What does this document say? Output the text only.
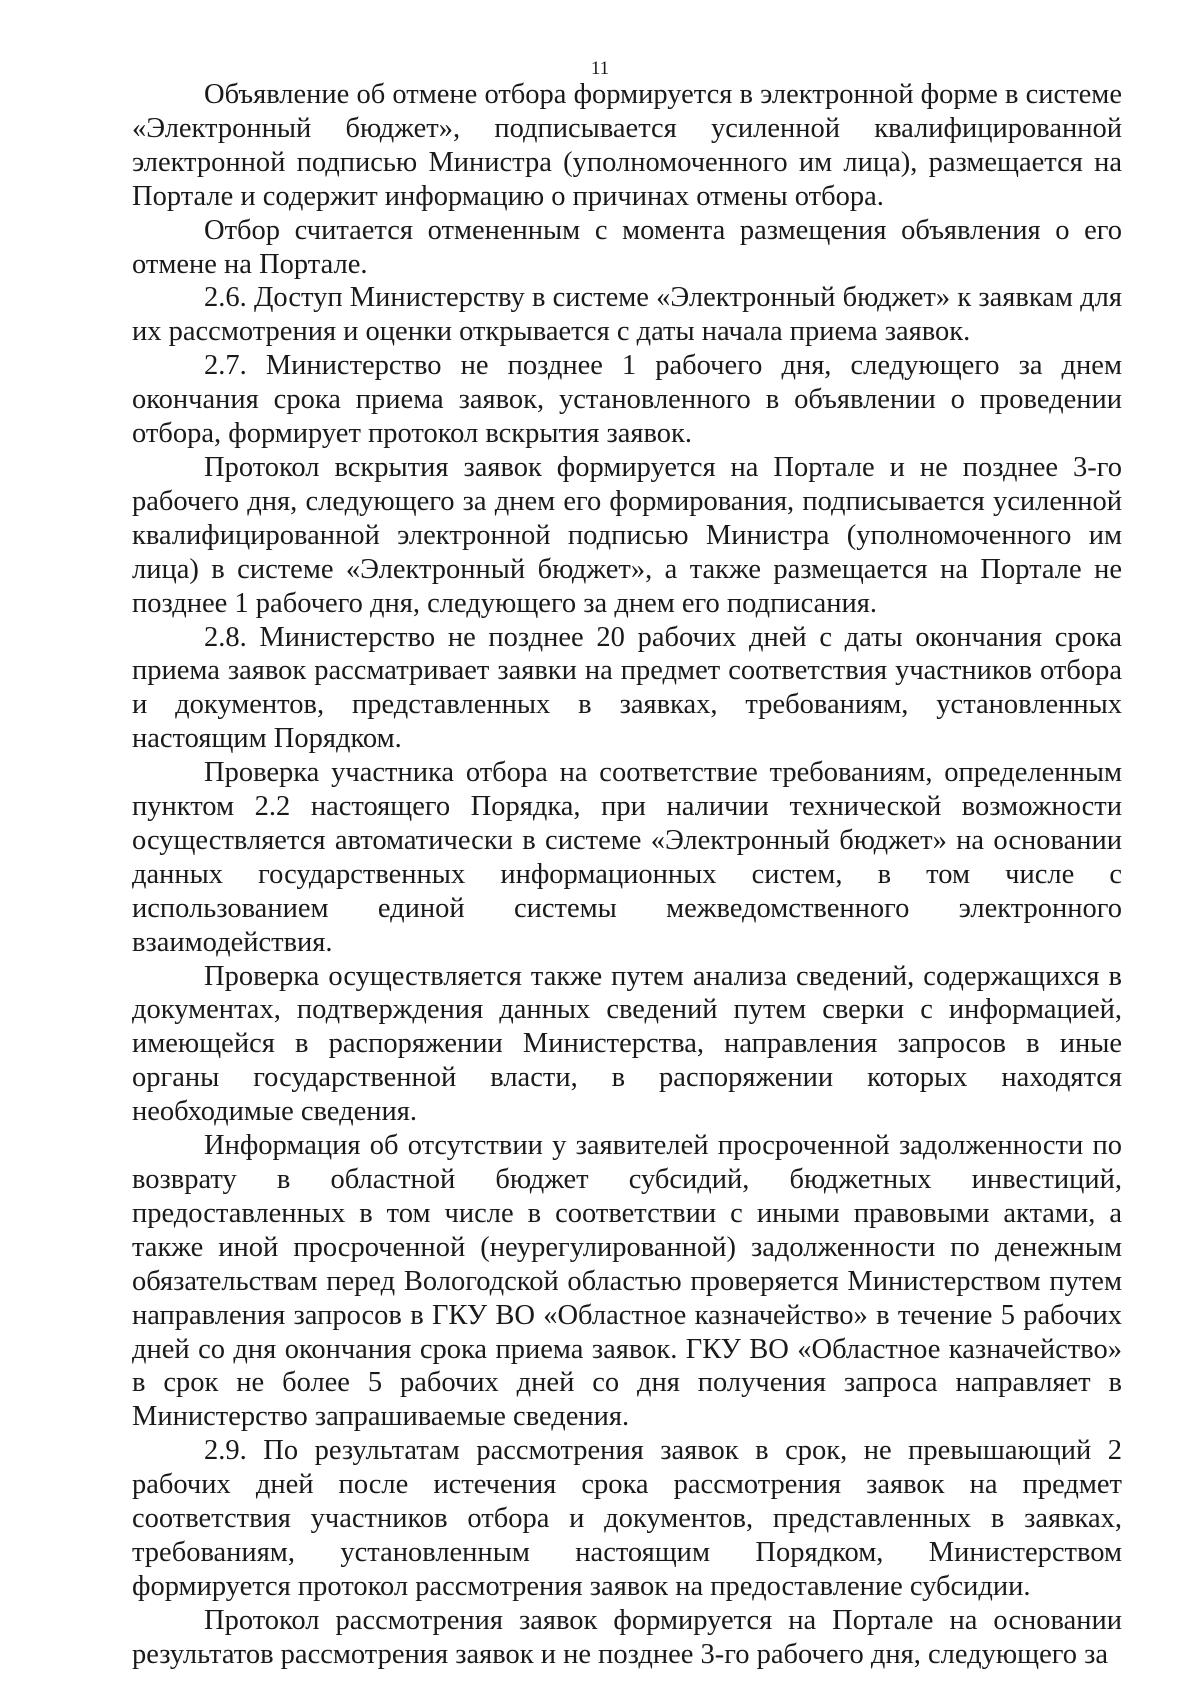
11

Объявление об отмене отбора формируется в электронной форме в системе «Электронный бюджет», подписывается усиленной квалифицированной электронной подписью Министра (уполномоченного им лица), размещается на Портале и содержит информацию о причинах отмены отбора.

Отбор считается отмененным с момента размещения объявления о его отмене на Портале.

2.6. Доступ Министерству в системе «Электронный бюджет» к заявкам для их рассмотрения и оценки открывается с даты начала приема заявок.

2.7. Министерство не позднее 1 рабочего дня, следующего за днем окончания срока приема заявок, установленного в объявлении о проведении отбора, формирует протокол вскрытия заявок.

Протокол вскрытия заявок формируется на Портале и не позднее 3-го рабочего дня, следующего за днем его формирования, подписывается усиленной квалифицированной электронной подписью Министра (уполномоченного им лица) в системе «Электронный бюджет», а также размещается на Портале не позднее 1 рабочего дня, следующего за днем его подписания.

2.8. Министерство не позднее 20 рабочих дней с даты окончания срока приема заявок рассматривает заявки на предмет соответствия участников отбора и документов, представленных в заявках, требованиям, установленных настоящим Порядком.

Проверка участника отбора на соответствие требованиям, определенным пунктом 2.2 настоящего Порядка, при наличии технической возможности осуществляется автоматически в системе «Электронный бюджет» на основании данных государственных информационных систем, в том числе с использованием единой системы межведомственного электронного взаимодействия.

Проверка осуществляется также путем анализа сведений, содержащихся в документах, подтверждения данных сведений путем сверки с информацией, имеющейся в распоряжении Министерства, направления запросов в иные органы государственной власти, в распоряжении которых находятся необходимые сведения.

Информация об отсутствии у заявителей просроченной задолженности по возврату в областной бюджет субсидий, бюджетных инвестиций, предоставленных в том числе в соответствии с иными правовыми актами, а также иной просроченной (неурегулированной) задолженности по денежным обязательствам перед Вологодской областью проверяется Министерством путем направления запросов в ГКУ ВО «Областное казначейство» в течение 5 рабочих дней со дня окончания срока приема заявок. ГКУ ВО «Областное казначейство» в срок не более 5 рабочих дней со дня получения запроса направляет в Министерство запрашиваемые сведения.

2.9. По результатам рассмотрения заявок в срок, не превышающий 2 рабочих дней после истечения срока рассмотрения заявок на предмет соответствия участников отбора и документов, представленных в заявках, требованиям, установленным настоящим Порядком, Министерством формируется протокол рассмотрения заявок на предоставление субсидии.

Протокол рассмотрения заявок формируется на Портале на основании результатов рассмотрения заявок и не позднее 3-го рабочего дня, следующего за
